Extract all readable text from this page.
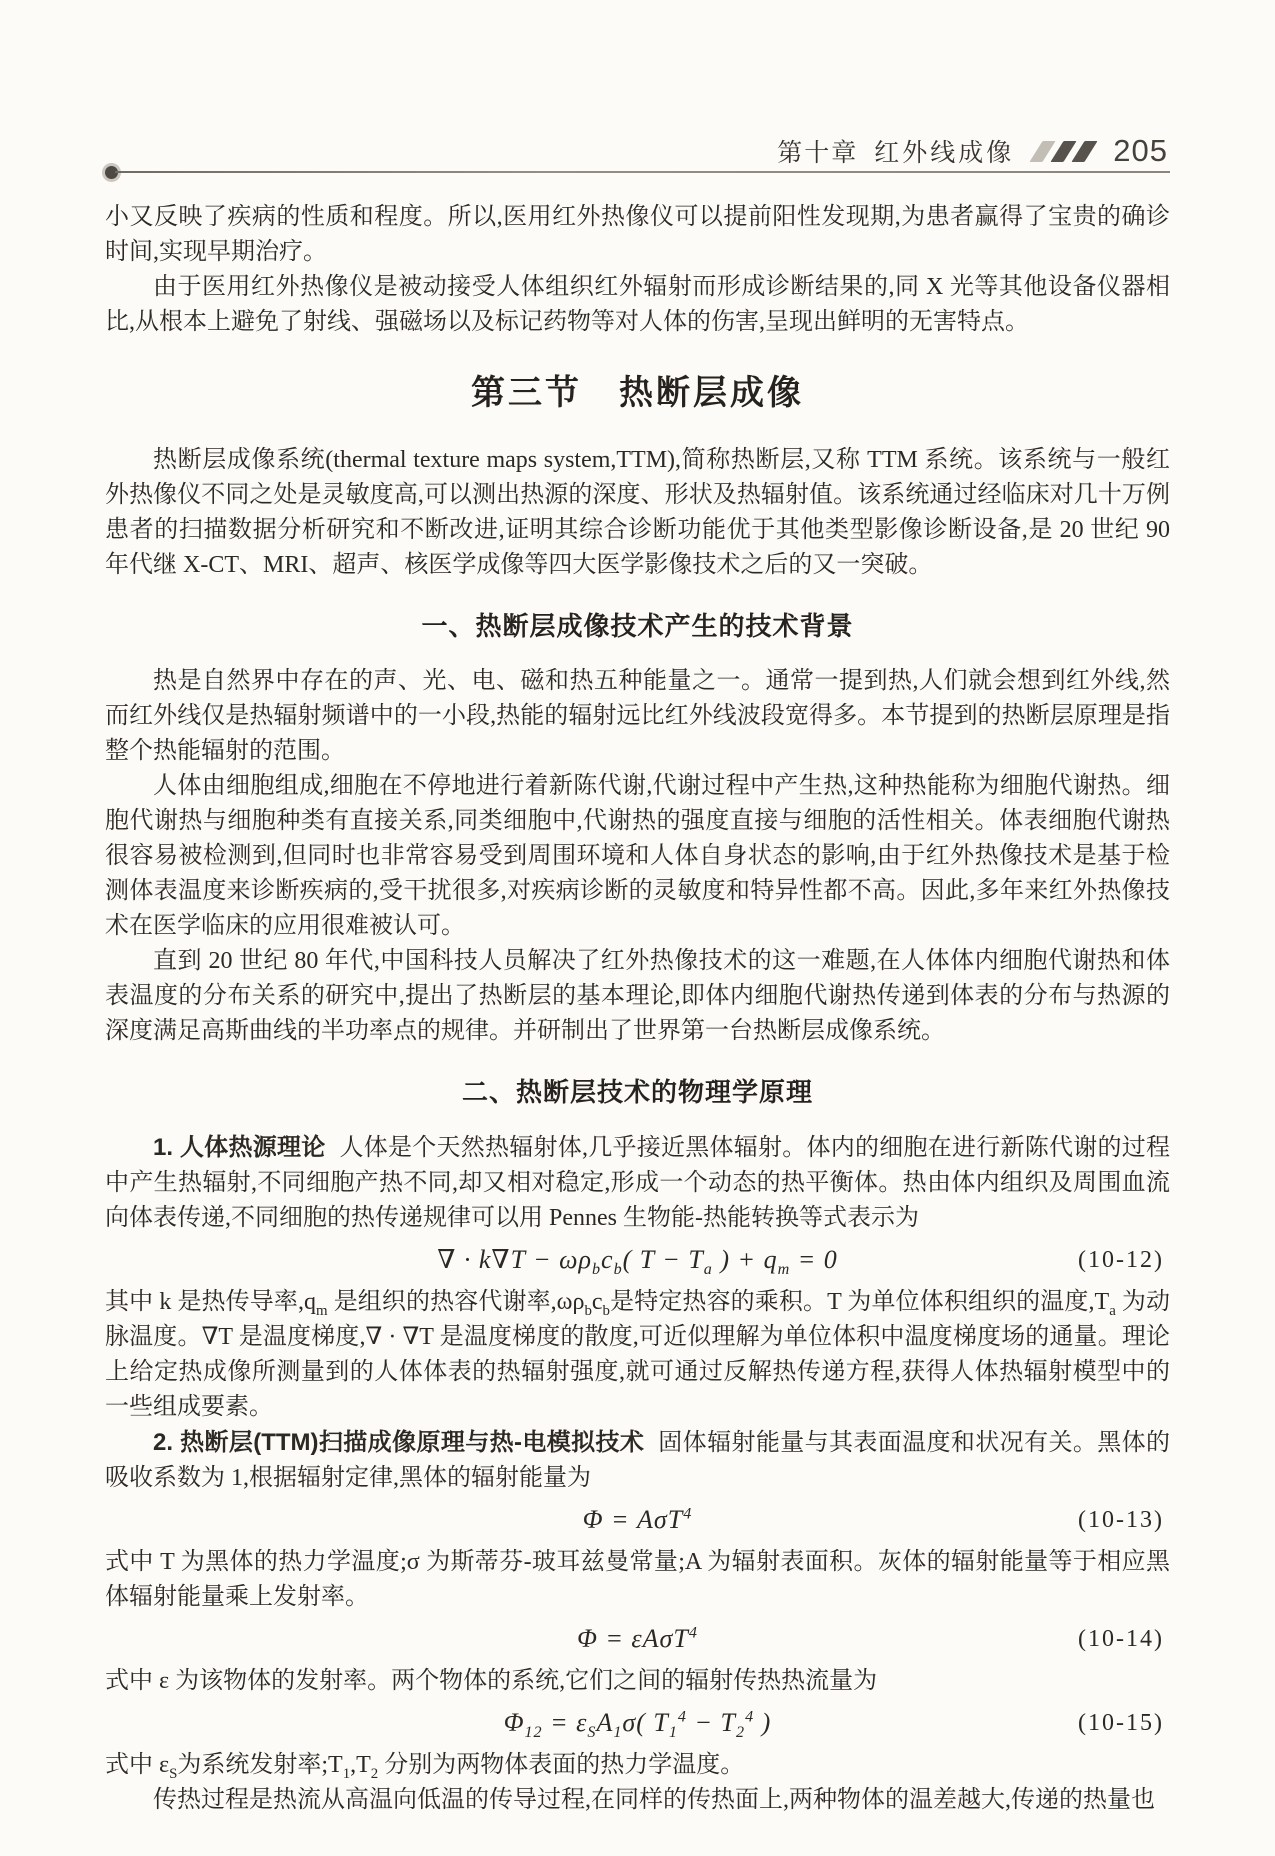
第十章 红外线成像	205

小又反映了疾病的性质和程度。所以,医用红外热像仪可以提前阳性发现期,为患者赢得了宝贵的确诊时间,实现早期治疗。

由于医用红外热像仪是被动接受人体组织红外辐射而形成诊断结果的,同 X 光等其他设备仪器相比,从根本上避免了射线、强磁场以及标记药物等对人体的伤害,呈现出鲜明的无害特点。

第三节　热断层成像

热断层成像系统(thermal texture maps system,TTM),简称热断层,又称 TTM 系统。该系统与一般红外热像仪不同之处是灵敏度高,可以测出热源的深度、形状及热辐射值。该系统通过经临床对几十万例患者的扫描数据分析研究和不断改进,证明其综合诊断功能优于其他类型影像诊断设备,是 20 世纪 90 年代继 X-CT、MRI、超声、核医学成像等四大医学影像技术之后的又一突破。

一、热断层成像技术产生的技术背景

热是自然界中存在的声、光、电、磁和热五种能量之一。通常一提到热,人们就会想到红外线,然而红外线仅是热辐射频谱中的一小段,热能的辐射远比红外线波段宽得多。本节提到的热断层原理是指整个热能辐射的范围。

人体由细胞组成,细胞在不停地进行着新陈代谢,代谢过程中产生热,这种热能称为细胞代谢热。细胞代谢热与细胞种类有直接关系,同类细胞中,代谢热的强度直接与细胞的活性相关。体表细胞代谢热很容易被检测到,但同时也非常容易受到周围环境和人体自身状态的影响,由于红外热像技术是基于检测体表温度来诊断疾病的,受干扰很多,对疾病诊断的灵敏度和特异性都不高。因此,多年来红外热像技术在医学临床的应用很难被认可。

直到 20 世纪 80 年代,中国科技人员解决了红外热像技术的这一难题,在人体体内细胞代谢热和体表温度的分布关系的研究中,提出了热断层的基本理论,即体内细胞代谢热传递到体表的分布与热源的深度满足高斯曲线的半功率点的规律。并研制出了世界第一台热断层成像系统。

二、热断层技术的物理学原理

1. 人体热源理论 人体是个天然热辐射体,几乎接近黑体辐射。体内的细胞在进行新陈代谢的过程中产生热辐射,不同细胞产热不同,却又相对稳定,形成一个动态的热平衡体。热由体内组织及周围血流向体表传递,不同细胞的热传递规律可以用 Pennes 生物能-热能转换等式表示为

∇ · $k\nabla T - \omega\rho_bc_b$( $T - T_a$ ) + $q_m = 0$	(10-12)

其中 k 是热传导率$,q_m$ 是组织的热容代谢率$,\omega\rho_bc_b$是特定热容的乘积。T 为单位体积组织的温度$,T_a$ 为动脉温度。∇T 是温度梯度,∇ · ∇T 是温度梯度的散度,可近似理解为单位体积中温度梯度场的通量。理论上给定热成像所测量到的人体体表的热辐射强度,就可通过反解热传递方程,获得人体热辐射模型中的一些组成要素。

2. 热断层(TTM)扫描成像原理与热-电模拟技术 固体辐射能量与其表面温度和状况有关。黑体的吸收系数为 1,根据辐射定律,黑体的辐射能量为

Φ = AσT$^4$	(10-13)

式中 T 为黑体的热力学温度;σ 为斯蒂芬-玻耳兹曼常量;A 为辐射表面积。灰体的辐射能量等于相应黑体辐射能量乘上发射率。

Φ = εAσT$^4$	(10-14)

式中 ε 为该物体的发射率。两个物体的系统,它们之间的辐射传热热流量为

$\Phi_{12} = \varepsilon_SA_1\sigma$( $T_1^4 - T_2^4$ )	(10-15)

式中 $\varepsilon_S$为系统发射率$;T_1,T_2$ 分别为两物体表面的热力学温度。

传热过程是热流从高温向低温的传导过程,在同样的传热面上,两种物体的温差越大,传递的热量也
